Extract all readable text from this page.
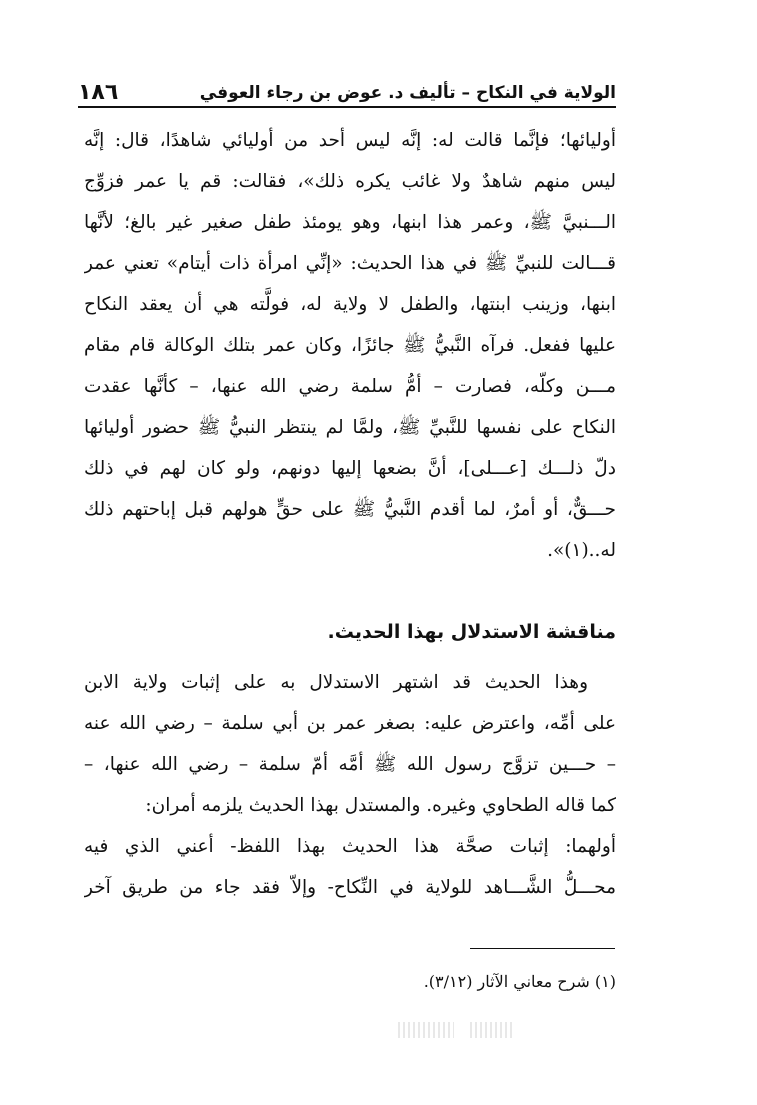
الولاية في النكاح – تأليف د. عوض بن رجاء العوفي
١٨٦
أوليائها؛ فإنَّما قالت له: إنَّه ليس أحد من أوليائي شاهدًا، قال: إنَّه
ليس منهم شاهدٌ ولا غائب يكره ذلك»، فقالت: قم يا عمر فزوِّج
الـــنبيَّ ﷺ، وعمر هذا ابنها، وهو يومئذ طفل صغير غير بالغ؛ لأنَّها
قـــالت للنبيِّ ﷺ في هذا الحديث: «إنِّي امرأة ذات أيتام» تعني عمر
ابنها، وزينب ابنتها، والطفل لا ولاية له، فولَّته هي أن يعقد النكاح
عليها ففعل. فرآه النَّبيُّ ﷺ جائزًا، وكان عمر بتلك الوكالة قام مقام
مـــن وكلّه، فصارت – أمُّ سلمة رضي الله عنها، – كأنَّها عقدت
النكاح على نفسها للنَّبيِّ ﷺ، ولمَّا لم ينتظر النبيُّ ﷺ حضور أوليائها
دلّ ذلـــك [عـــلى]، أنَّ بضعها إليها دونهم، ولو كان لهم في ذلك
حـــقٌّ، أو أمرٌ، لما أقدم النَّبيُّ ﷺ على حقٍّ هولهم قبل إباحتهم ذلك
له..(١)».
مناقشة الاستدلال بهذا الحديث.
وهذا الحديث قد اشتهر الاستدلال به على إثبات ولاية الابن
على أمِّه، واعترض عليه: بصغر عمر بن أبي سلمة – رضي الله عنه
– حـــين تزوَّج رسول الله ﷺ أمَّه أمّ سلمة – رضي الله عنها، –
كما قاله الطحاوي وغيره. والمستدل بهذا الحديث يلزمه أمران:
أولهما: إثبات صحَّة هذا الحديث بهذا اللفظ- أعني الذي فيه
محـــلُّ الشَّـــاهد للولاية في النِّكاح- وإلاّ فقد جاء من طريق آخر
(١) شرح معاني الآثار (٣/١٢).
